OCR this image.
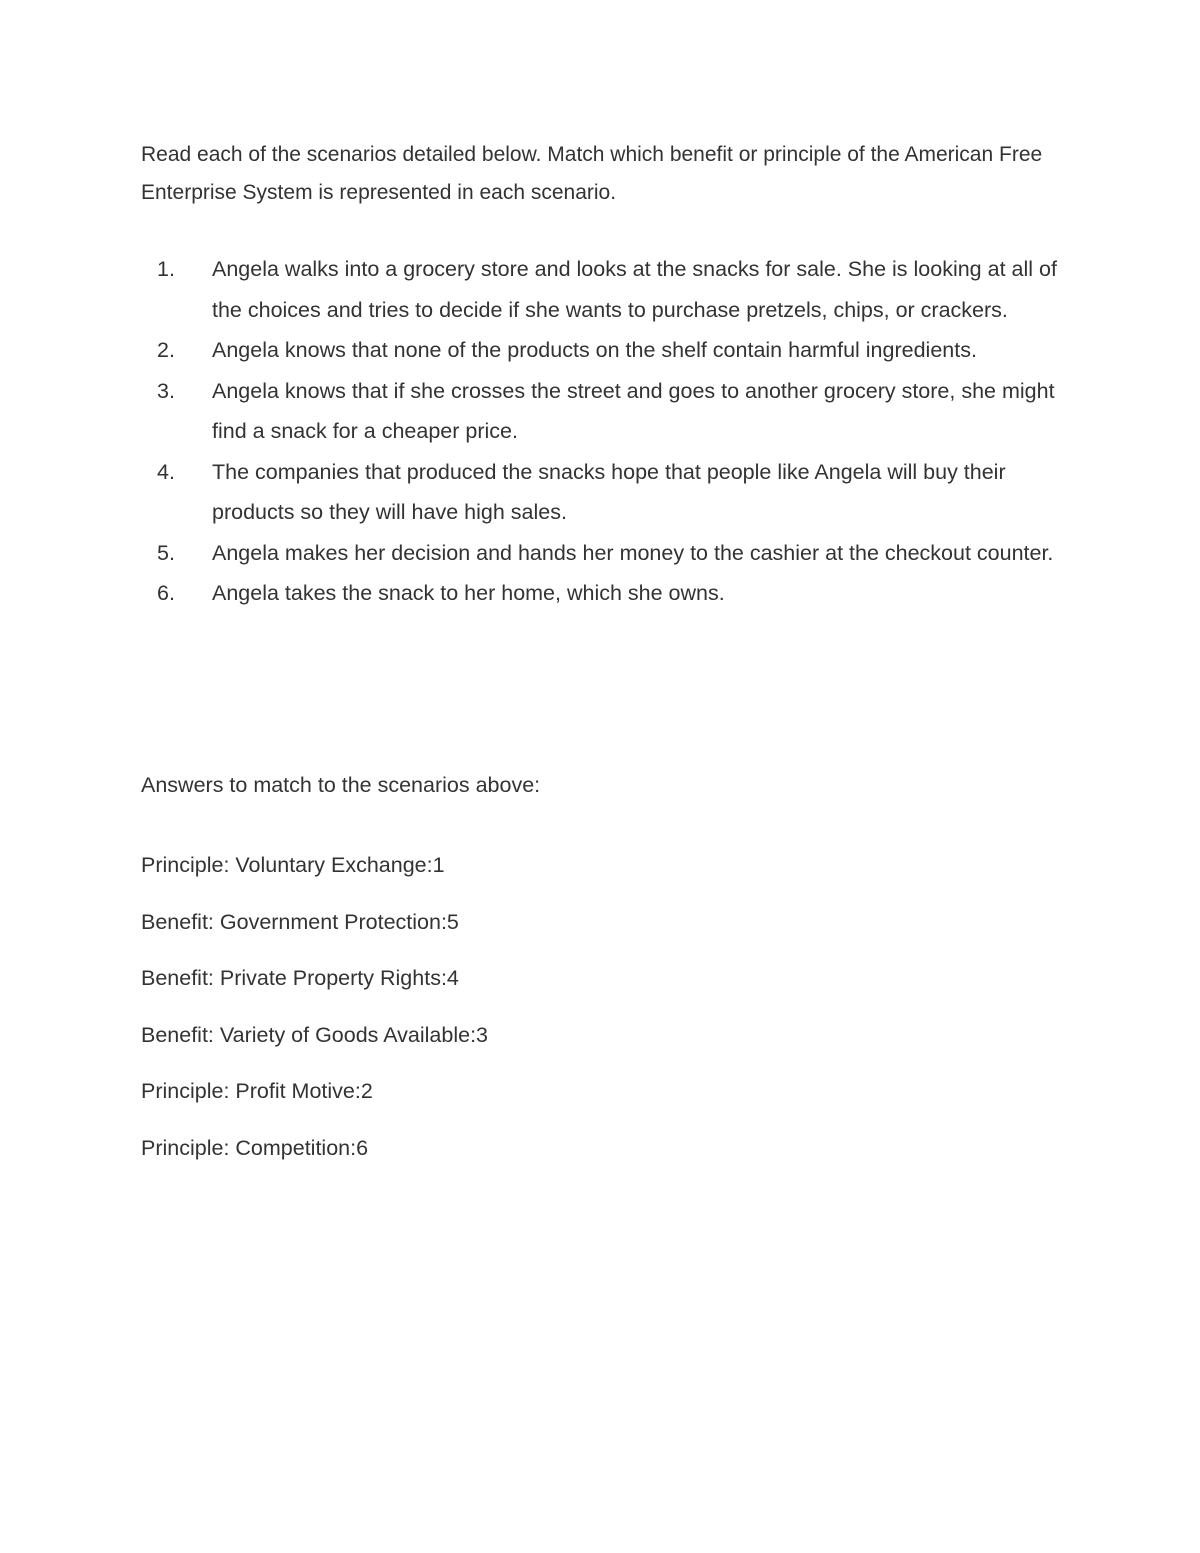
Read each of the scenarios detailed below. Match which benefit or principle of the American Free Enterprise System is represented in each scenario.

1. Angela walks into a grocery store and looks at the snacks for sale. She is looking at all of the choices and tries to decide if she wants to purchase pretzels, chips, or crackers.
2. Angela knows that none of the products on the shelf contain harmful ingredients.
3. Angela knows that if she crosses the street and goes to another grocery store, she might find a snack for a cheaper price.
4. The companies that produced the snacks hope that people like Angela will buy their products so they will have high sales.
5. Angela makes her decision and hands her money to the cashier at the checkout counter.
6. Angela takes the snack to her home, which she owns.

Answers to match to the scenarios above:

Principle: Voluntary Exchange:1
Benefit: Government Protection:5
Benefit: Private Property Rights:4
Benefit: Variety of Goods Available:3
Principle: Profit Motive:2
Principle: Competition:6
